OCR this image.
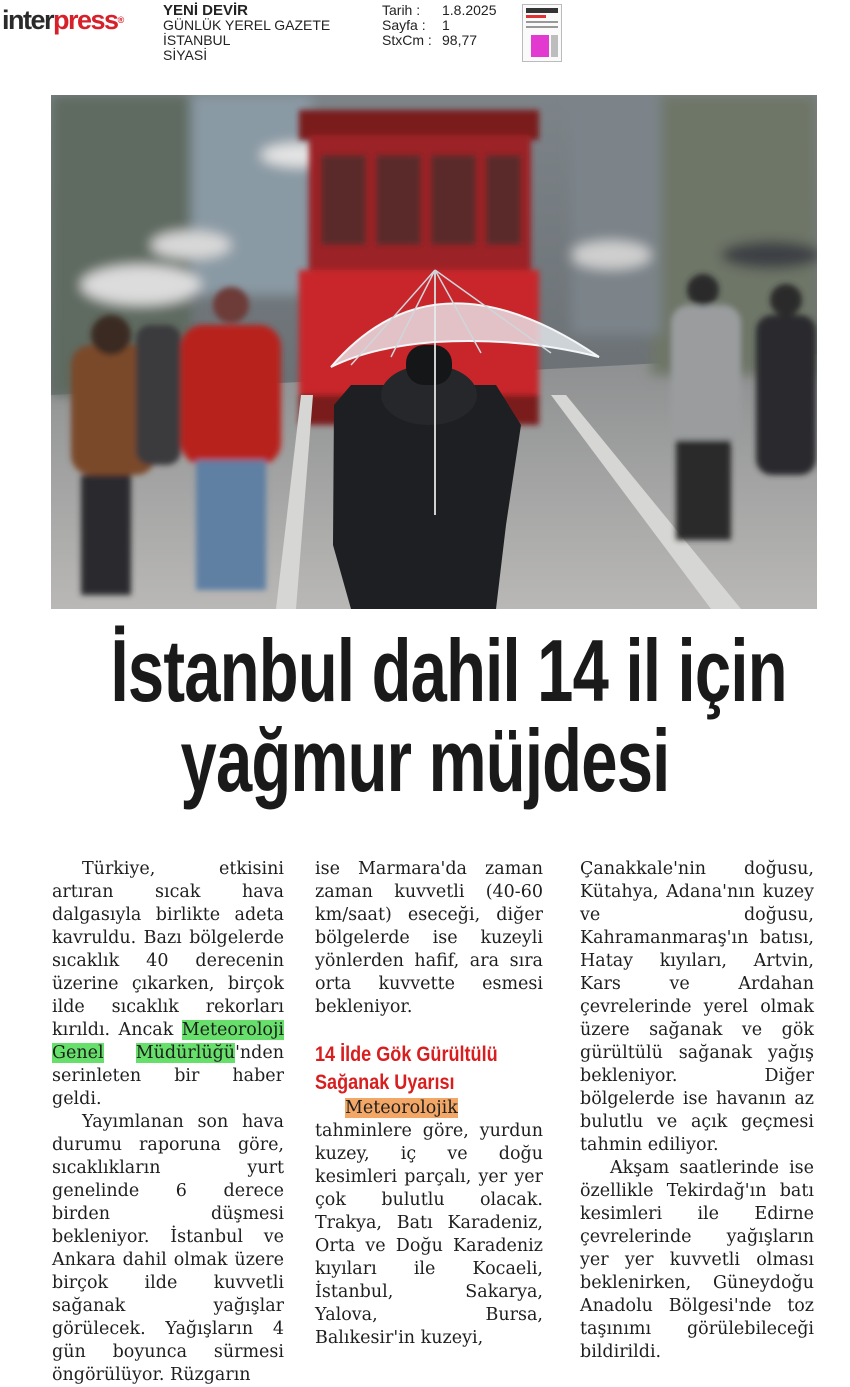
interpress®
YENİ DEVİR
GÜNLÜK YEREL GAZETE
İSTANBUL
SİYASİ
Tarih :	1.8.2025
Sayfa :	1
StxCm : 98,77
İstanbul dahil 14 il için
yağmur müjdesi

Türkiye, etkisini artıran sıcak hava dalgasıyla birlikte adeta kavruldu. Bazı bölgelerde sıcaklık 40 derecenin üzerine çıkarken, birçok ilde sıcaklık rekorları kırıldı. Ancak Meteoroloji Genel Müdürlüğü'nden serinleten bir haber geldi.

Yayımlanan son hava durumu raporuna göre, sıcaklıkların yurt genelinde 6 derece birden düşmesi bekleniyor. İstanbul ve Ankara dahil olmak üzere birçok ilde kuvvetli sağanak yağışlar görülecek. Yağışların 4 gün boyunca sürmesi öngörülüyor. Rüzgarın

ise Marmara'da zaman zaman kuvvetli (40-60 km/saat) eseceği, diğer bölgelerde ise kuzeyli yönlerden hafif, ara sıra orta kuvvette esmesi bekleniyor.

14 İlde Gök Gürültülü
Sağanak Uyarısı

Meteorolojik tahminlere göre, yurdun kuzey, iç ve doğu kesimleri parçalı, yer yer çok bulutlu olacak. Trakya, Batı Karadeniz, Orta ve Doğu Karadeniz kıyıları ile Kocaeli, İstanbul, Sakarya, Yalova, Bursa, Balıkesir'in kuzeyi,

Çanakkale'nin doğusu, Kütahya, Adana'nın kuzey ve doğusu, Kahramanmaraş'ın batısı, Hatay kıyıları, Artvin, Kars ve Ardahan çevrelerinde yerel olmak üzere sağanak ve gök gürültülü sağanak yağış bekleniyor. Diğer bölgelerde ise havanın az bulutlu ve açık geçmesi tahmin ediliyor.

Akşam saatlerinde ise özellikle Tekirdağ'ın batı kesimleri ile Edirne çevrelerinde yağışların yer yer kuvvetli olması beklenirken, Güneydoğu Anadolu Bölgesi'nde toz taşınımı görülebileceği bildirildi.
